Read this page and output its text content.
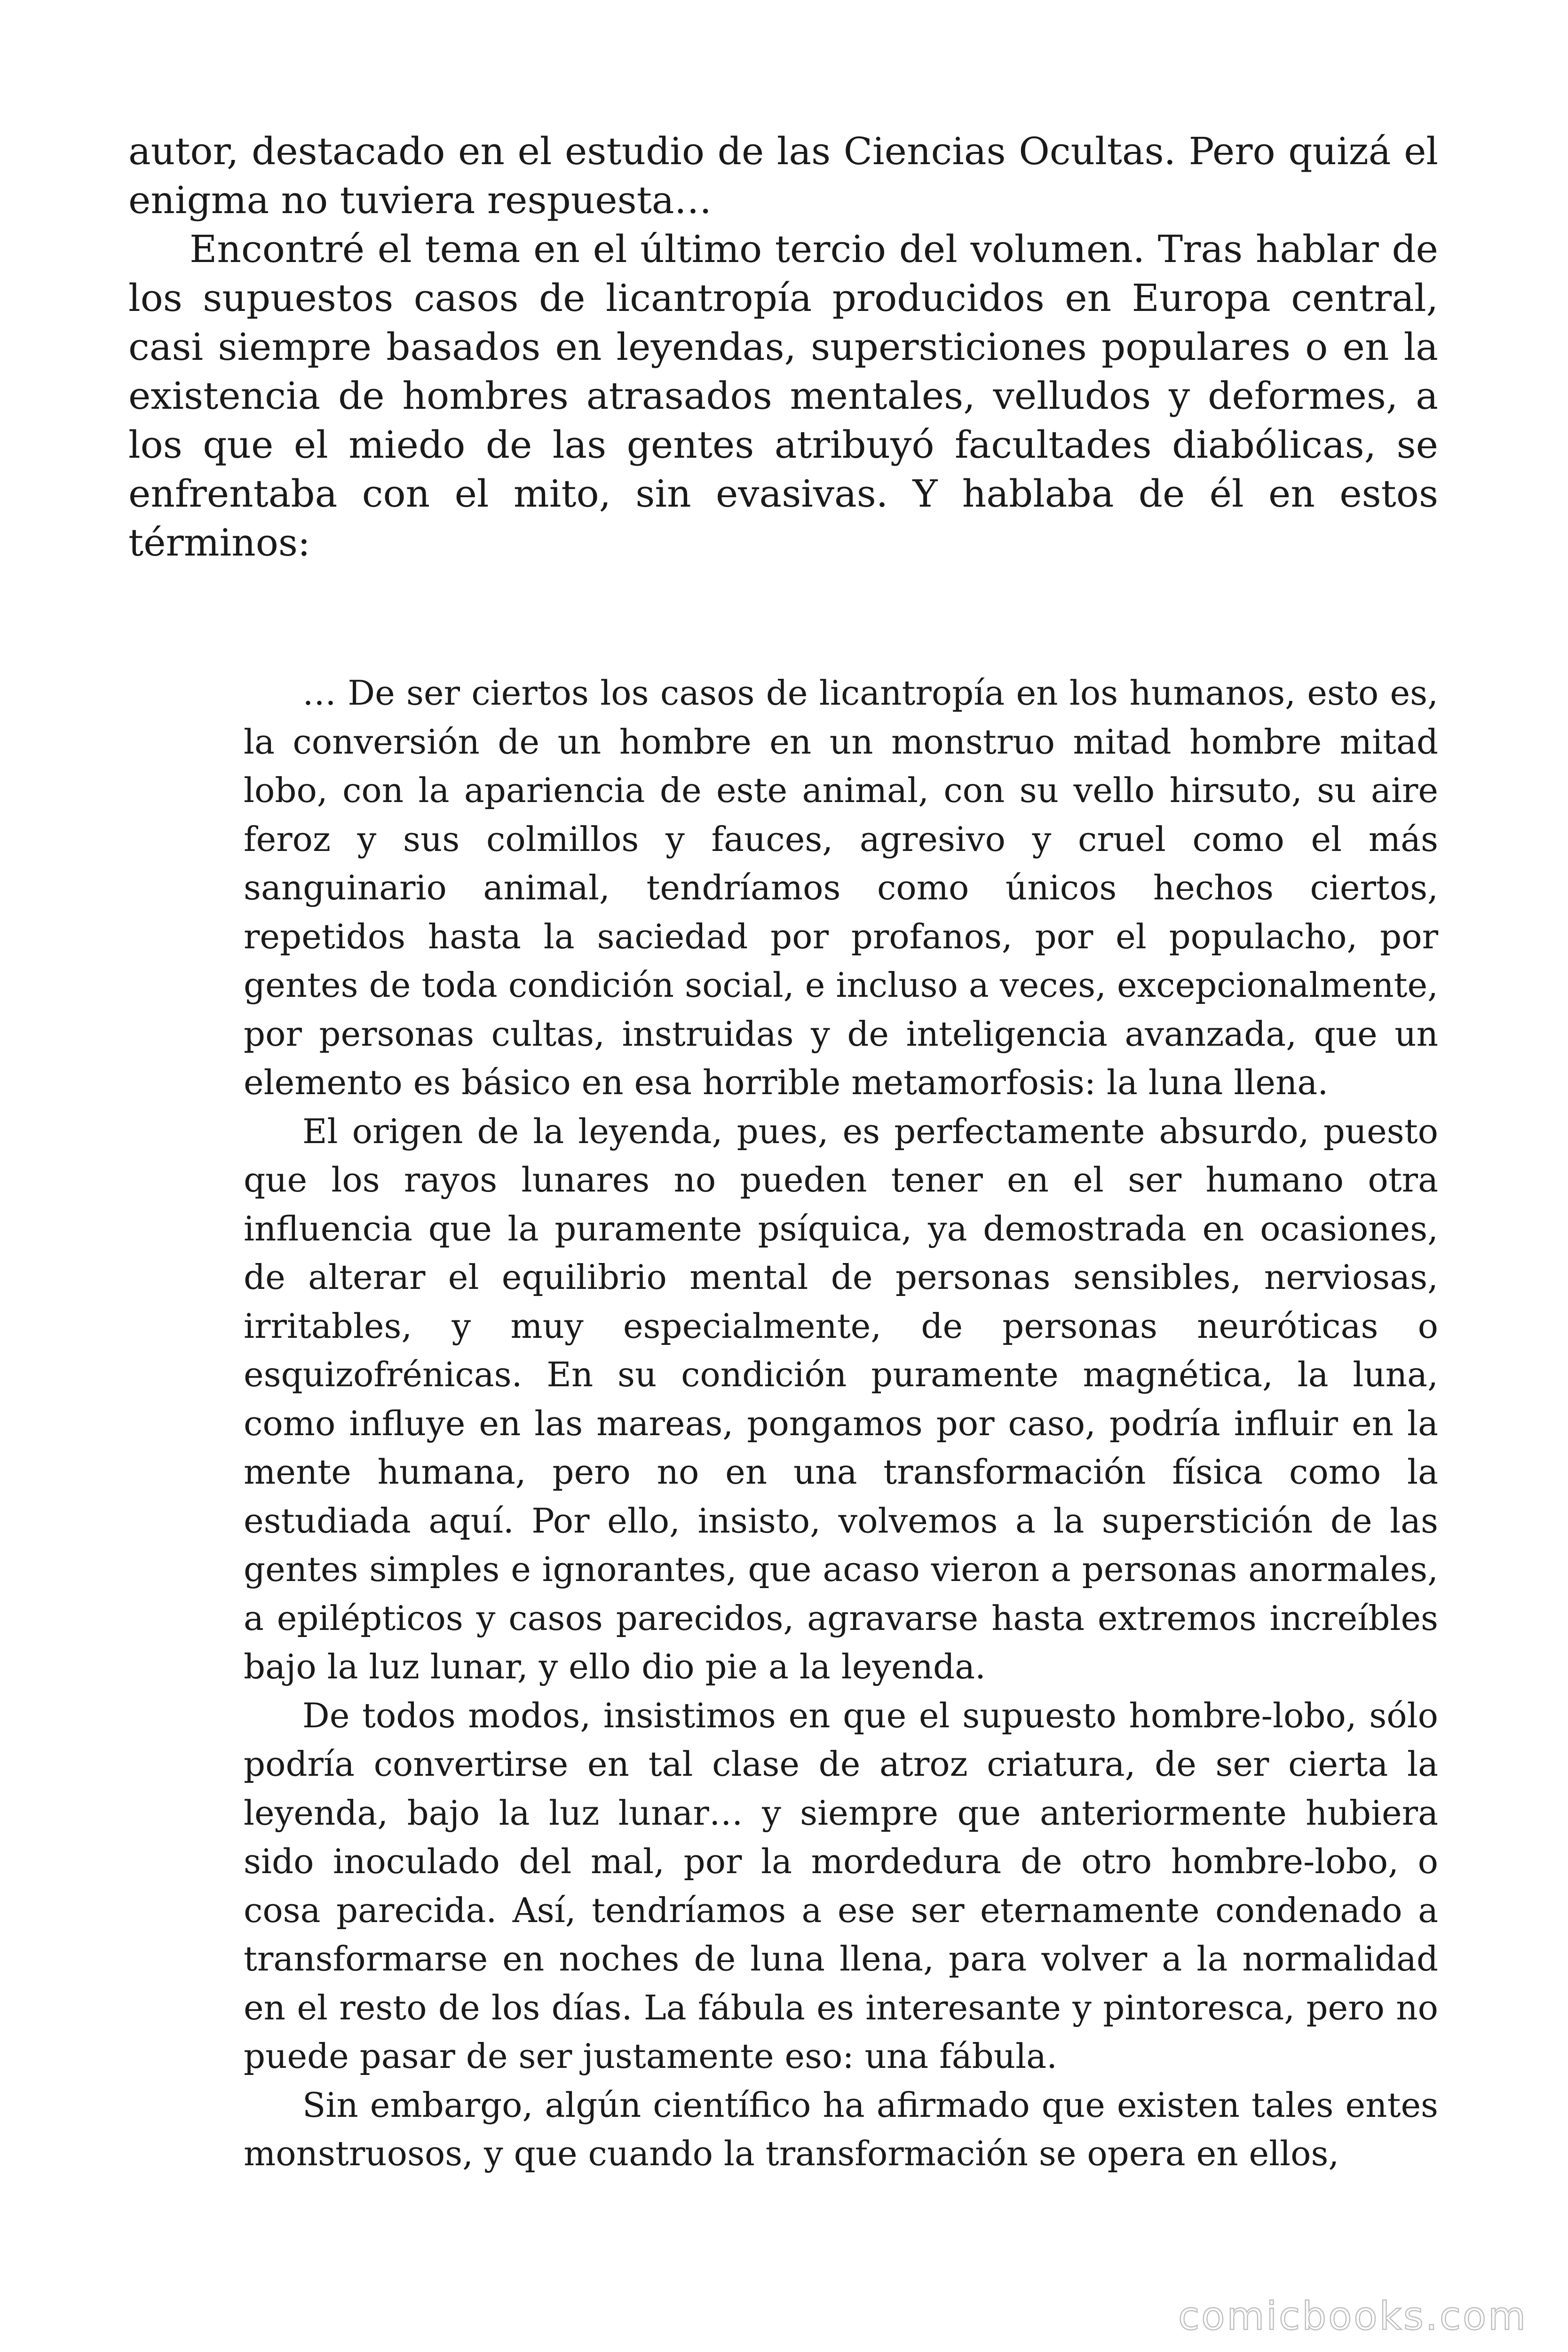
autor, destacado en el estudio de las Ciencias Ocultas. Pero quizá el enigma no tuviera respuesta…

Encontré el tema en el último tercio del volumen. Tras hablar de los supuestos casos de licantropía producidos en Europa central, casi siempre basados en leyendas, supersticiones populares o en la existencia de hombres atrasados mentales, velludos y deformes, a los que el miedo de las gentes atribuyó facultades diabólicas, se enfrentaba con el mito, sin evasivas. Y hablaba de él en estos términos:

… De ser ciertos los casos de licantropía en los humanos, esto es, la conversión de un hombre en un monstruo mitad hombre mitad lobo, con la apariencia de este animal, con su vello hirsuto, su aire feroz y sus colmillos y fauces, agresivo y cruel como el más sanguinario animal, tendríamos como únicos hechos ciertos, repetidos hasta la saciedad por profanos, por el populacho, por gentes de toda condición social, e incluso a veces, excepcionalmente, por personas cultas, instruidas y de inteligencia avanzada, que un elemento es básico en esa horrible metamorfosis: la luna llena.

El origen de la leyenda, pues, es perfectamente absurdo, puesto que los rayos lunares no pueden tener en el ser humano otra influencia que la puramente psíquica, ya demostrada en ocasiones, de alterar el equilibrio mental de personas sensibles, nerviosas, irritables, y muy especialmente, de personas neuróticas o esquizofrénicas. En su condición puramente magnética, la luna, como influye en las mareas, pongamos por caso, podría influir en la mente humana, pero no en una transformación física como la estudiada aquí. Por ello, insisto, volvemos a la superstición de las gentes simples e ignorantes, que acaso vieron a personas anormales, a epilépticos y casos parecidos, agravarse hasta extremos increíbles bajo la luz lunar, y ello dio pie a la leyenda.

De todos modos, insistimos en que el supuesto hombre-lobo, sólo podría convertirse en tal clase de atroz criatura, de ser cierta la leyenda, bajo la luz lunar… y siempre que anteriormente hubiera sido inoculado del mal, por la mordedura de otro hombre-lobo, o cosa parecida. Así, tendríamos a ese ser eternamente condenado a transformarse en noches de luna llena, para volver a la normalidad en el resto de los días. La fábula es interesante y pintoresca, pero no puede pasar de ser justamente eso: una fábula.

Sin embargo, algún científico ha afirmado que existen tales entes monstruosos, y que cuando la transformación se opera en ellos,

comicbooks.com
